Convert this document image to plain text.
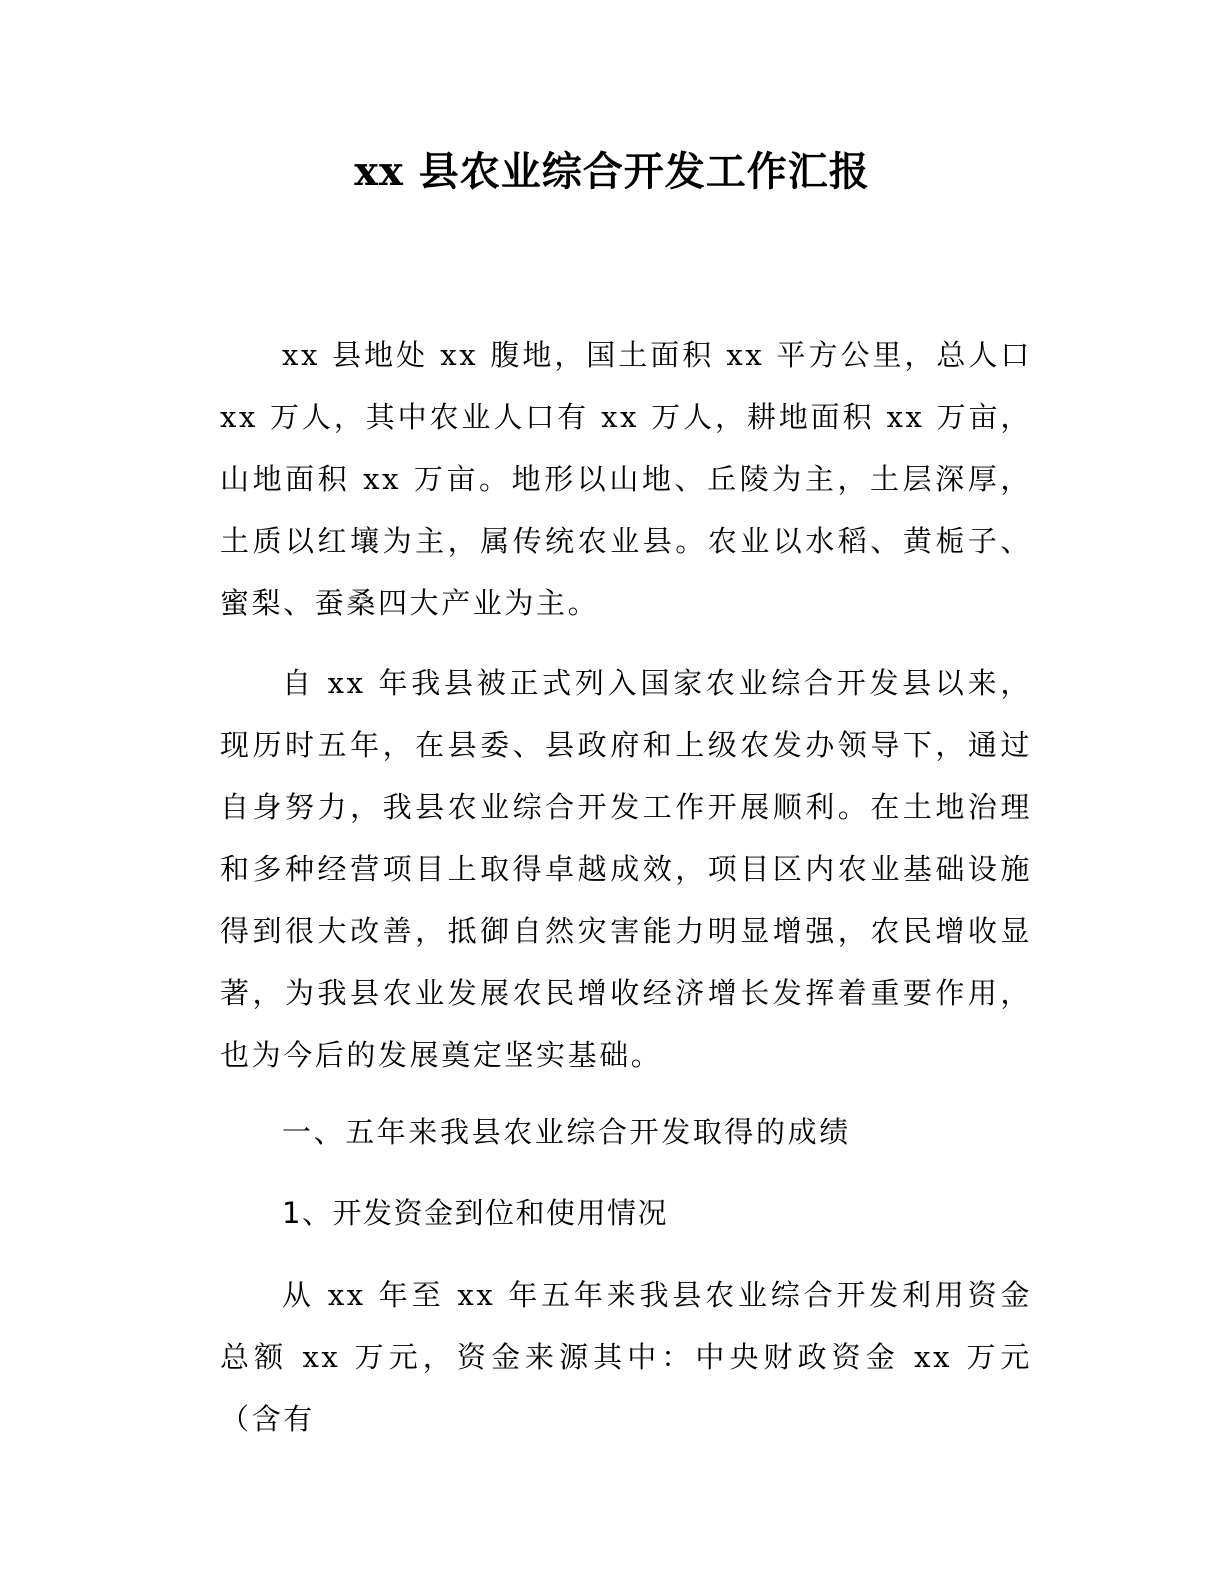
xx 县农业综合开发工作汇报

xx 县地处 xx 腹地，国土面积 xx 平方公里，总人口 xx 万人，其中农业人口有 xx 万人，耕地面积 xx 万亩，山地面积 xx 万亩。地形以山地、丘陵为主，土层深厚，土质以红壤为主，属传统农业县。农业以水稻、黄栀子、蜜梨、蚕桑四大产业为主。

自 xx 年我县被正式列入国家农业综合开发县以来，现历时五年，在县委、县政府和上级农发办领导下，通过自身努力，我县农业综合开发工作开展顺利。在土地治理和多种经营项目上取得卓越成效，项目区内农业基础设施得到很大改善，抵御自然灾害能力明显增强，农民增收显著，为我县农业发展农民增收经济增长发挥着重要作用，也为今后的发展奠定坚实基础。

一、五年来我县农业综合开发取得的成绩

1、开发资金到位和使用情况

从 xx 年至 xx 年五年来我县农业综合开发利用资金总额 xx 万元，资金来源其中：中央财政资金 xx 万元（含有
